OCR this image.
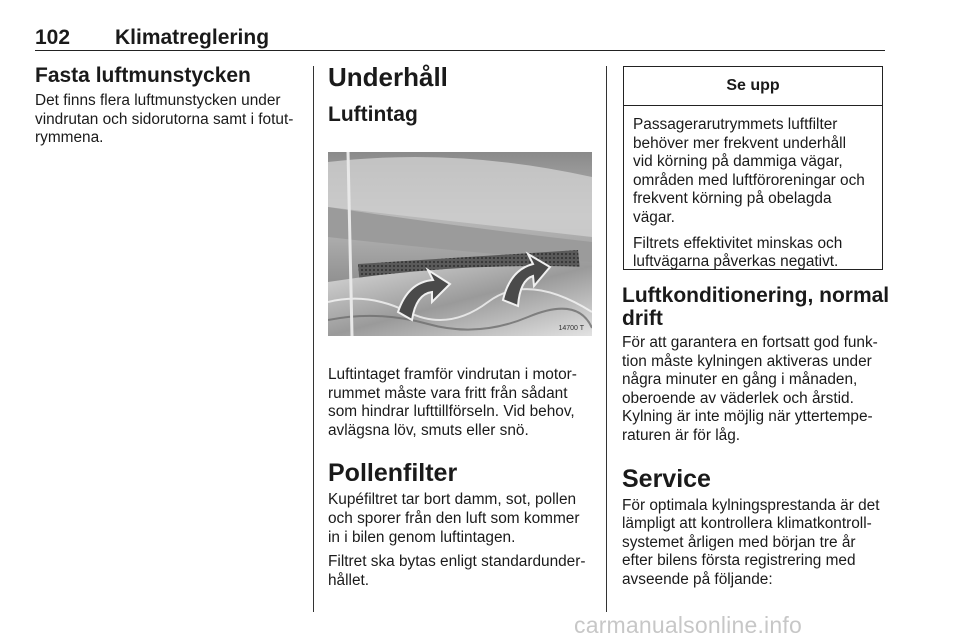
102 Klimatreglering
Fasta luftmunstycken

Det finns flera luftmunstycken under
vindrutan och sidorutorna samt i fotut-
rymmena.

Underhåll
Luftintag
14700 T

Luftintaget framför vindrutan i motor-
rummet måste vara fritt från sådant
som hindrar lufttillförseln. Vid behov,
avlägsna löv, smuts eller snö.

Pollenfilter

Kupéfiltret tar bort damm, sot, pollen
och sporer från den luft som kommer
in i bilen genom luftintagen.

Filtret ska bytas enligt standardunder-
hållet.

Se upp

Passagerarutrymmets luftfilter
behöver mer frekvent underhåll
vid körning på dammiga vägar,
områden med luftföroreningar och
frekvent körning på obelagda
vägar.

Filtrets effektivitet minskas och
luftvägarna påverkas negativt.

Luftkonditionering, normal
drift

För att garantera en fortsatt god funk-
tion måste kylningen aktiveras under
några minuter en gång i månaden,
oberoende av väderlek och årstid.
Kylning är inte möjlig när yttertempe-
raturen är för låg.

Service

För optimala kylningsprestanda är det
lämpligt att kontrollera klimatkontroll-
systemet årligen med början tre år
efter bilens första registrering med
avseende på följande:

carmanualsonline.info
